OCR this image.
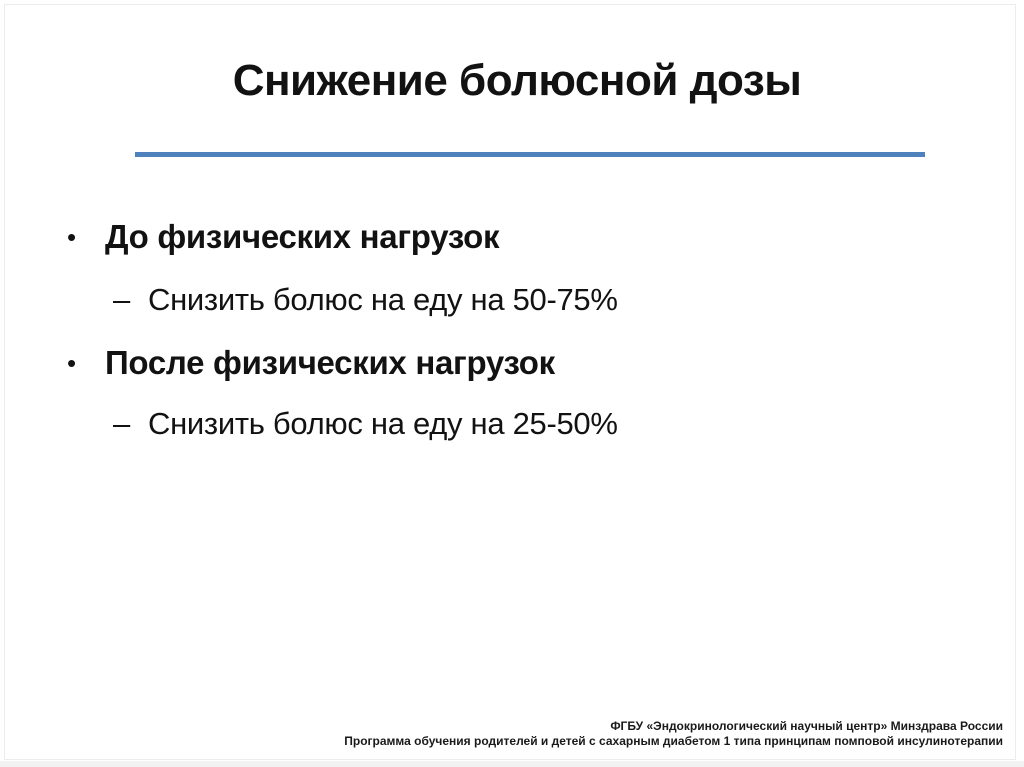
Снижение болюсной дозы
• До физических нагрузок
– Снизить болюс на еду на 50-75%
• После физических нагрузок
– Снизить болюс на еду на 25-50%
ФГБУ «Эндокринологический научный центр» Минздрава России
Программа обучения родителей и детей с сахарным диабетом 1 типа принципам помповой инсулинотерапии
